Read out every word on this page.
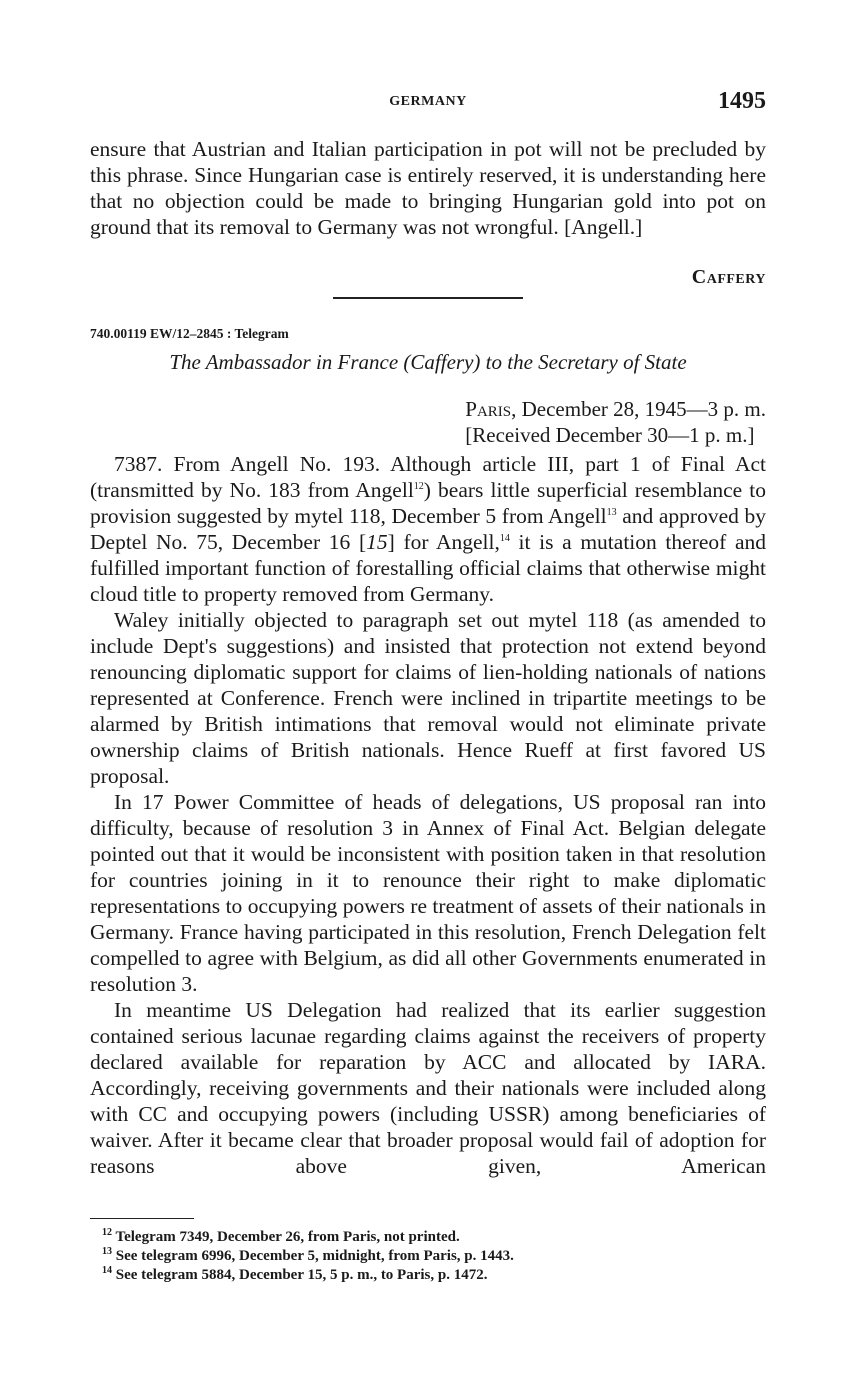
GERMANY	1495
ensure that Austrian and Italian participation in pot will not be precluded by this phrase. Since Hungarian case is entirely reserved, it is understanding here that no objection could be made to bringing Hungarian gold into pot on ground that its removal to Germany was not wrongful. [Angell.]
Caffery
740.00119 EW/12–2845 : Telegram
The Ambassador in France (Caffery) to the Secretary of State
Paris, December 28, 1945—3 p. m.
[Received December 30—1 p. m.]

7387. From Angell No. 193. Although article III, part 1 of Final Act (transmitted by No. 183 from Angell$^{12}$) bears little superficial resemblance to provision suggested by mytel 118, December 5 from Angell$^{13}$ and approved by Deptel No. 75, December 16 [15] for Angell,$^{14}$ it is a mutation thereof and fulfilled important function of forestalling official claims that otherwise might cloud title to property removed from Germany.

Waley initially objected to paragraph set out mytel 118 (as amended to include Dept's suggestions) and insisted that protection not extend beyond renouncing diplomatic support for claims of lien-holding nationals of nations represented at Conference. French were inclined in tripartite meetings to be alarmed by British intimations that removal would not eliminate private ownership claims of British nationals. Hence Rueff at first favored US proposal.

In 17 Power Committee of heads of delegations, US proposal ran into difficulty, because of resolution 3 in Annex of Final Act. Belgian delegate pointed out that it would be inconsistent with position taken in that resolution for countries joining in it to renounce their right to make diplomatic representations to occupying powers re treatment of assets of their nationals in Germany. France having participated in this resolution, French Delegation felt compelled to agree with Belgium, as did all other Governments enumerated in resolution 3.

In meantime US Delegation had realized that its earlier suggestion contained serious lacunae regarding claims against the receivers of property declared available for reparation by ACC and allocated by IARA. Accordingly, receiving governments and their nationals were included along with CC and occupying powers (including USSR) among beneficiaries of waiver. After it became clear that broader proposal would fail of adoption for reasons above given, American

$^{12}$ Telegram 7349, December 26, from Paris, not printed.
$^{13}$ See telegram 6996, December 5, midnight, from Paris, p. 1443.
$^{14}$ See telegram 5884, December 15, 5 p. m., to Paris, p. 1472.
